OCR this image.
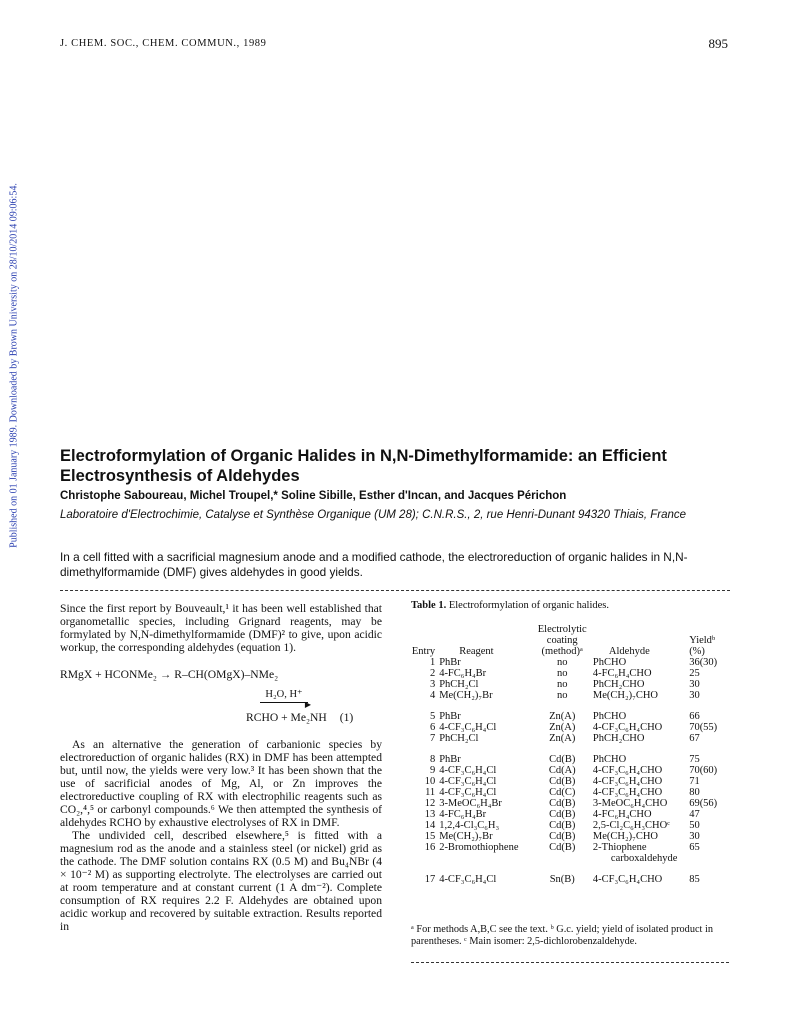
J. CHEM. SOC., CHEM. COMMUN., 1989	895
Published on 01 January 1989. Downloaded by Brown University on 28/10/2014 09:06:54. Electroformylation of Organic Halides in N,N-Dimethylformamide: an Efficient Electrosynthesis of Aldehydes
Christophe Saboureau, Michel Troupel,* Soline Sibille, Esther d'Incan, and Jacques Périchon
Laboratoire d'Electrochimie, Catalyse et Synthèse Organique (UM 28); C.N.R.S., 2, rue Henri-Dunant 94320 Thiais, France
In a cell fitted with a sacrificial magnesium anode and a modified cathode, the electroreduction of organic halides in N,N-dimethylformamide (DMF) gives aldehydes in good yields.

Since the first report by Bouveault,¹ it has been well established that organometallic species, including Grignard reagents, may be formylated by N,N-dimethylformamide (DMF)² to give, upon acidic workup, the corresponding aldehydes (equation 1).

RMgX + HCONMe₂ → R–CH(OMgX)–NMe₂
H₂O, H⁺
▶
RCHO + Me₂NH (1)

As an alternative the generation of carbanionic species by electroreduction of organic halides (RX) in DMF has been attempted but, until now, the yields were very low.³ It has been shown that the use of sacrificial anodes of Mg, Al, or Zn improves the electroreductive coupling of RX with electrophilic reagents such as CO₂,⁴,⁵ or carbonyl compounds.⁶ We then attempted the synthesis of aldehydes RCHO by exhaustive electrolyses of RX in DMF.

The undivided cell, described elsewhere,⁵ is fitted with a magnesium rod as the anode and a stainless steel (or nickel) grid as the cathode. The DMF solution contains RX (0.5 M) and Bu₄NBr (4 × 10⁻² M) as supporting electrolyte. The electrolyses are carried out at room temperature and at constant current (1 A dm⁻²). Complete consumption of RX requires 2.2 F. Aldehydes are obtained upon acidic workup and recovered by suitable extraction. Results reported in

Table 1. Electroformylation of organic halides.
Entry	Reagent	Electrolytic
coating
(method)ᵃ	Aldehyde	Yieldᵇ (%)
1	PhBr	no	PhCHO	36(30)
2	4-FC₆H₄Br	no	4-FC₆H₄CHO	25
3	PhCH₂Cl	no	PhCH₂CHO	30
4	Me(CH₂)₇Br	no	Me(CH₂)₇CHO	30

5	PhBr	Zn(A)	PhCHO	66
6	4-CF₃C₆H₄Cl	Zn(A)	4-CF₃C₆H₄CHO	70(55)
7	PhCH₂Cl	Zn(A)	PhCH₂CHO	67

8	PhBr	Cd(B)	PhCHO	75
9	4-CF₃C₆H₄Cl	Cd(A)	4-CF₃C₆H₄CHO	70(60)
10	4-CF₃C₆H₄Cl	Cd(B)	4-CF₃C₆H₄CHO	71
11	4-CF₃C₆H₄Cl	Cd(C)	4-CF₃C₆H₄CHO	80
12	3-MeOC₆H₄Br	Cd(B)	3-MeOC₆H₄CHO	69(56)
13	4-FC₆H₄Br	Cd(B)	4-FC₆H₄CHO	47
14	1,2,4-Cl₃C₆H₃	Cd(B)	2,5-Cl₂C₆H₃CHOᶜ	50
15	Me(CH₂)₇Br	Cd(B)	Me(CH₂)₇CHO	30
16	2-Bromothiophene	Cd(B)	2-Thiophene
carboxaldehyde	65

17	4-CF₃C₆H₄Cl	Sn(B)	4-CF₃C₆H₄CHO	85
ᵃ For methods A,B,C see the text. ᵇ G.c. yield; yield of isolated product in parentheses. ᶜ Main isomer: 2,5-dichlorobenzaldehyde.
